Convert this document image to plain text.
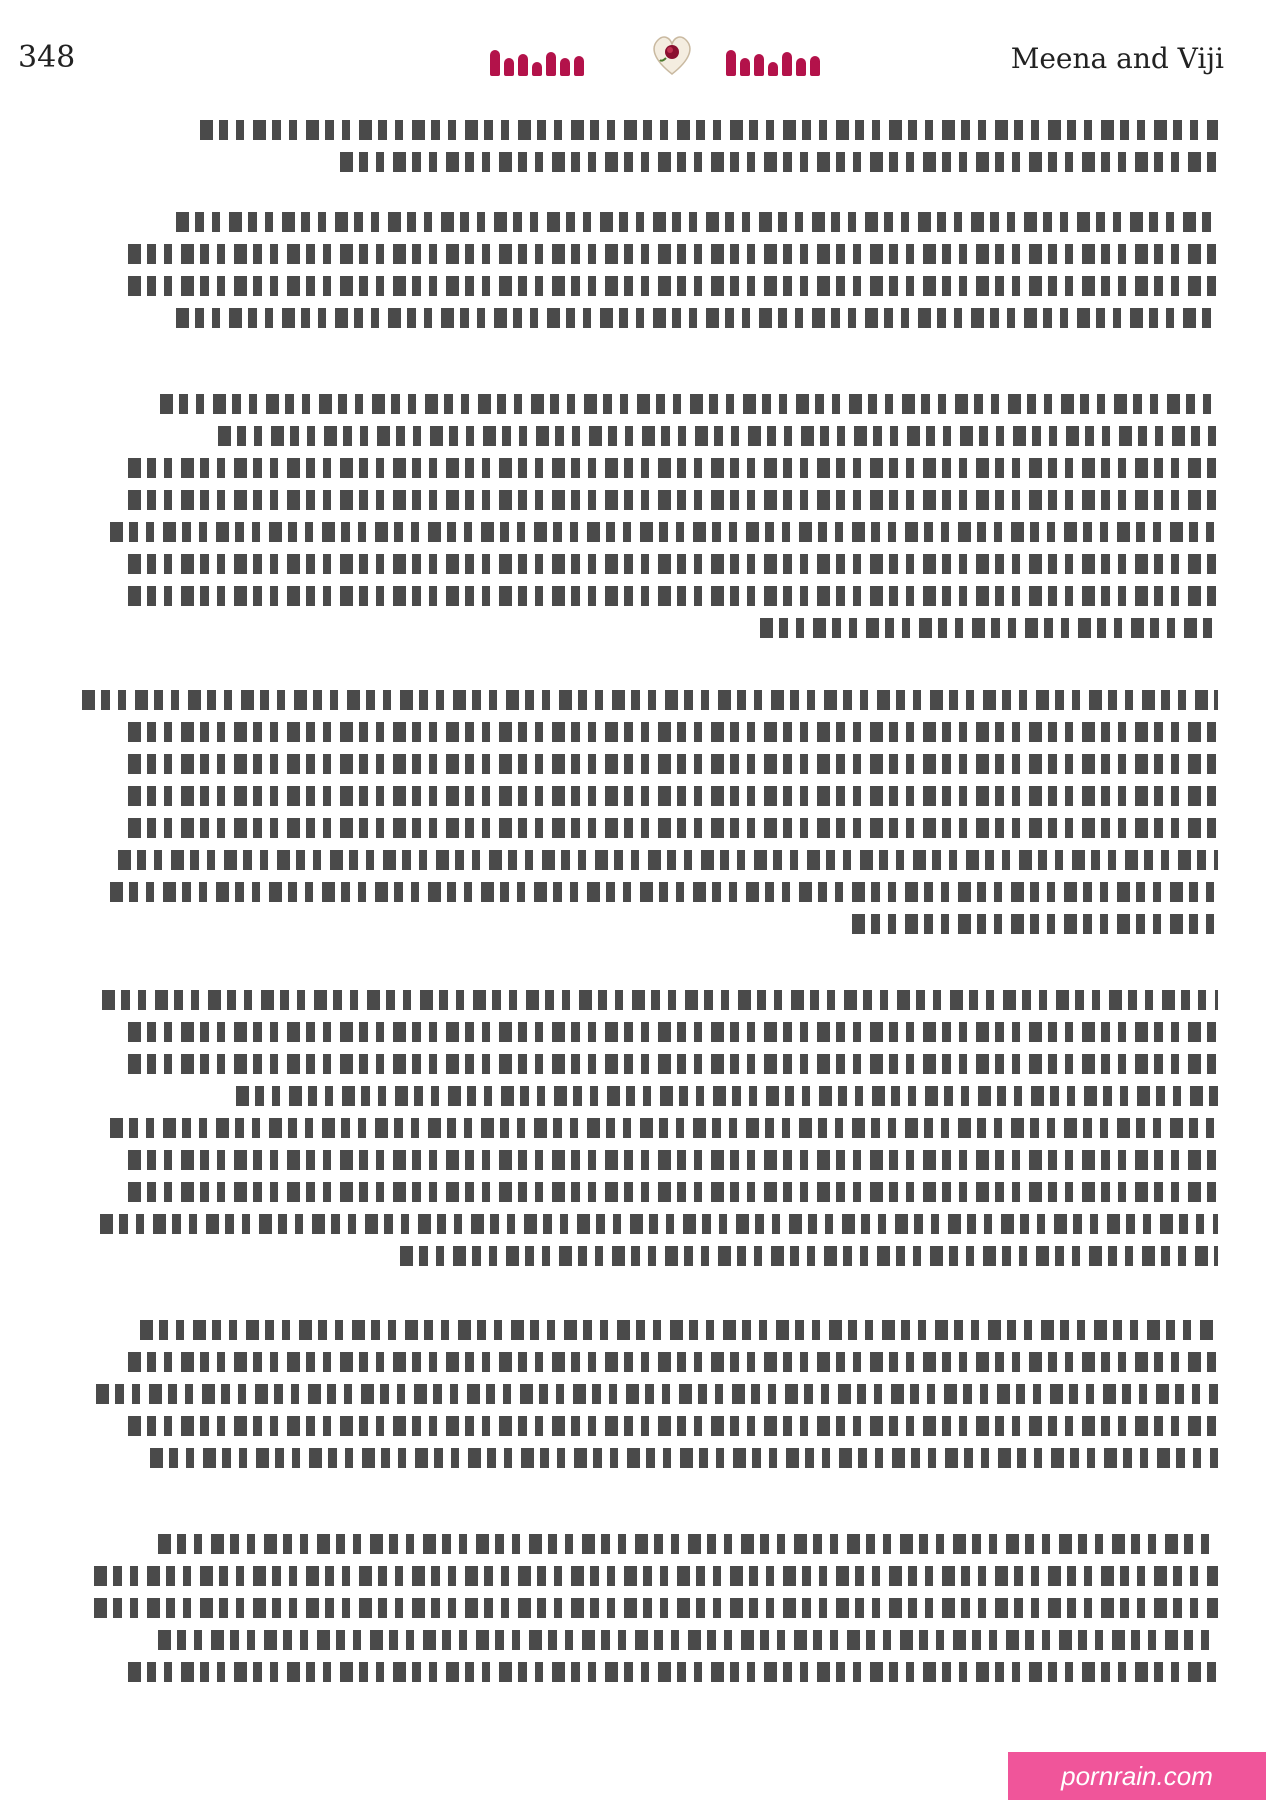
348	Meena and Viji
pornrain.com
